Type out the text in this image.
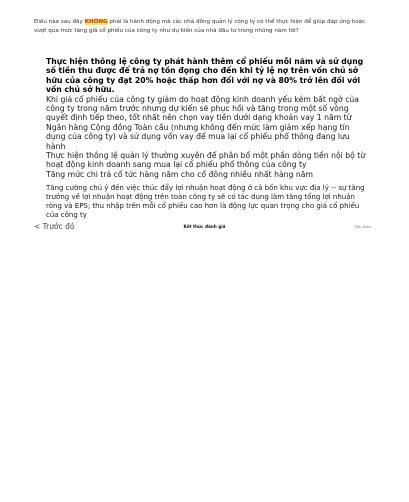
Điều nào sau đây KHÔNG phải là hành động mà các nhà đồng quản lý công ty có thể thực hiện để giúp đáp ứng hoặc vượt qua mức tăng giá cổ phiếu của công ty như dự kiến của nhà đầu tư trong những năm tới?
Thực hiện thông lệ công ty phát hành thêm cổ phiếu mỗi năm và sử dụng số tiền thu được để trả nợ tồn đọng cho đến khi tỷ lệ nợ trên vốn chủ sở hữu của công ty đạt 20% hoặc thấp hơn đối với nợ và 80% trở lên đối với vốn chủ sở hữu.
Khi giá cổ phiếu của công ty giảm do hoạt động kinh doanh yếu kém bất ngờ của công ty trong năm trước nhưng dự kiến sẽ phục hồi và tăng trong một số vòng quyết định tiếp theo, tốt nhất nên chọn vay tiền dưới dạng khoản vay 1 năm từ Ngân hàng Cộng đồng Toàn cầu (nhưng không đến mức làm giảm xếp hạng tín dụng của công ty) và sử dụng vốn vay để mua lại cổ phiếu phổ thông đang lưu hành
Thực hiện thông lệ quản lý thường xuyên để phân bổ một phần dòng tiền nội bộ từ hoạt động kinh doanh sang mua lại cổ phiếu phổ thông của công ty
Tăng mức chi trả cổ tức hàng năm cho cổ đông nhiều nhất hàng năm
Tăng cường chú ý đến việc thúc đẩy lợi nhuận hoạt động ở cả bốn khu vực địa lý -- sự tăng trưởng về lợi nhuận hoạt động trên toàn công ty sẽ có tác dụng làm tăng tổng lợi nhuận ròng và EPS; thu nhập trên mỗi cổ phiếu cao hơn là động lực quan trọng cho giá cổ phiếu của công ty
< Trước đó	Kết thúc đánh giá	Tiếp theo
